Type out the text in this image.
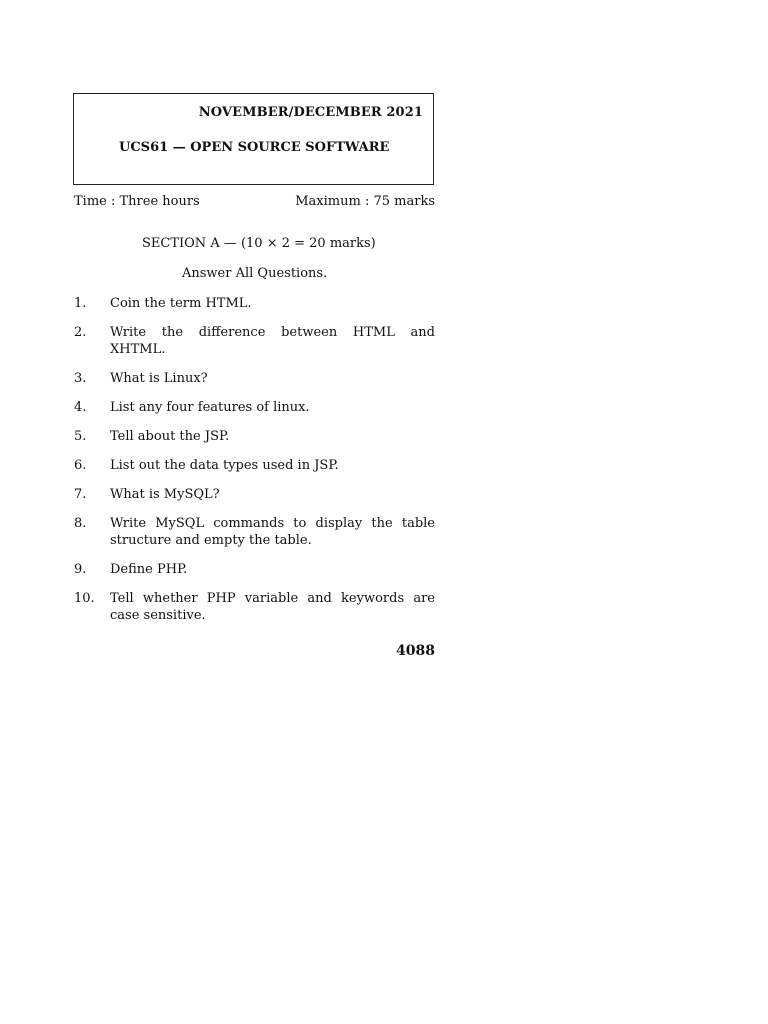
NOVEMBER/DECEMBER 2021
UCS61 — OPEN SOURCE SOFTWARE
Time : Three hours	Maximum : 75 marks
SECTION A — (10 × 2 = 20 marks)
Answer All Questions.
1. Coin the term HTML.
2. Write the difference between HTML and XHTML.
3. What is Linux?
4. List any four features of linux.
5. Tell about the JSP.
6. List out the data types used in JSP.
7. What is MySQL?
8. Write MySQL commands to display the table structure and empty the table.
9. Define PHP.
10. Tell whether PHP variable and keywords are case sensitive.
4088
